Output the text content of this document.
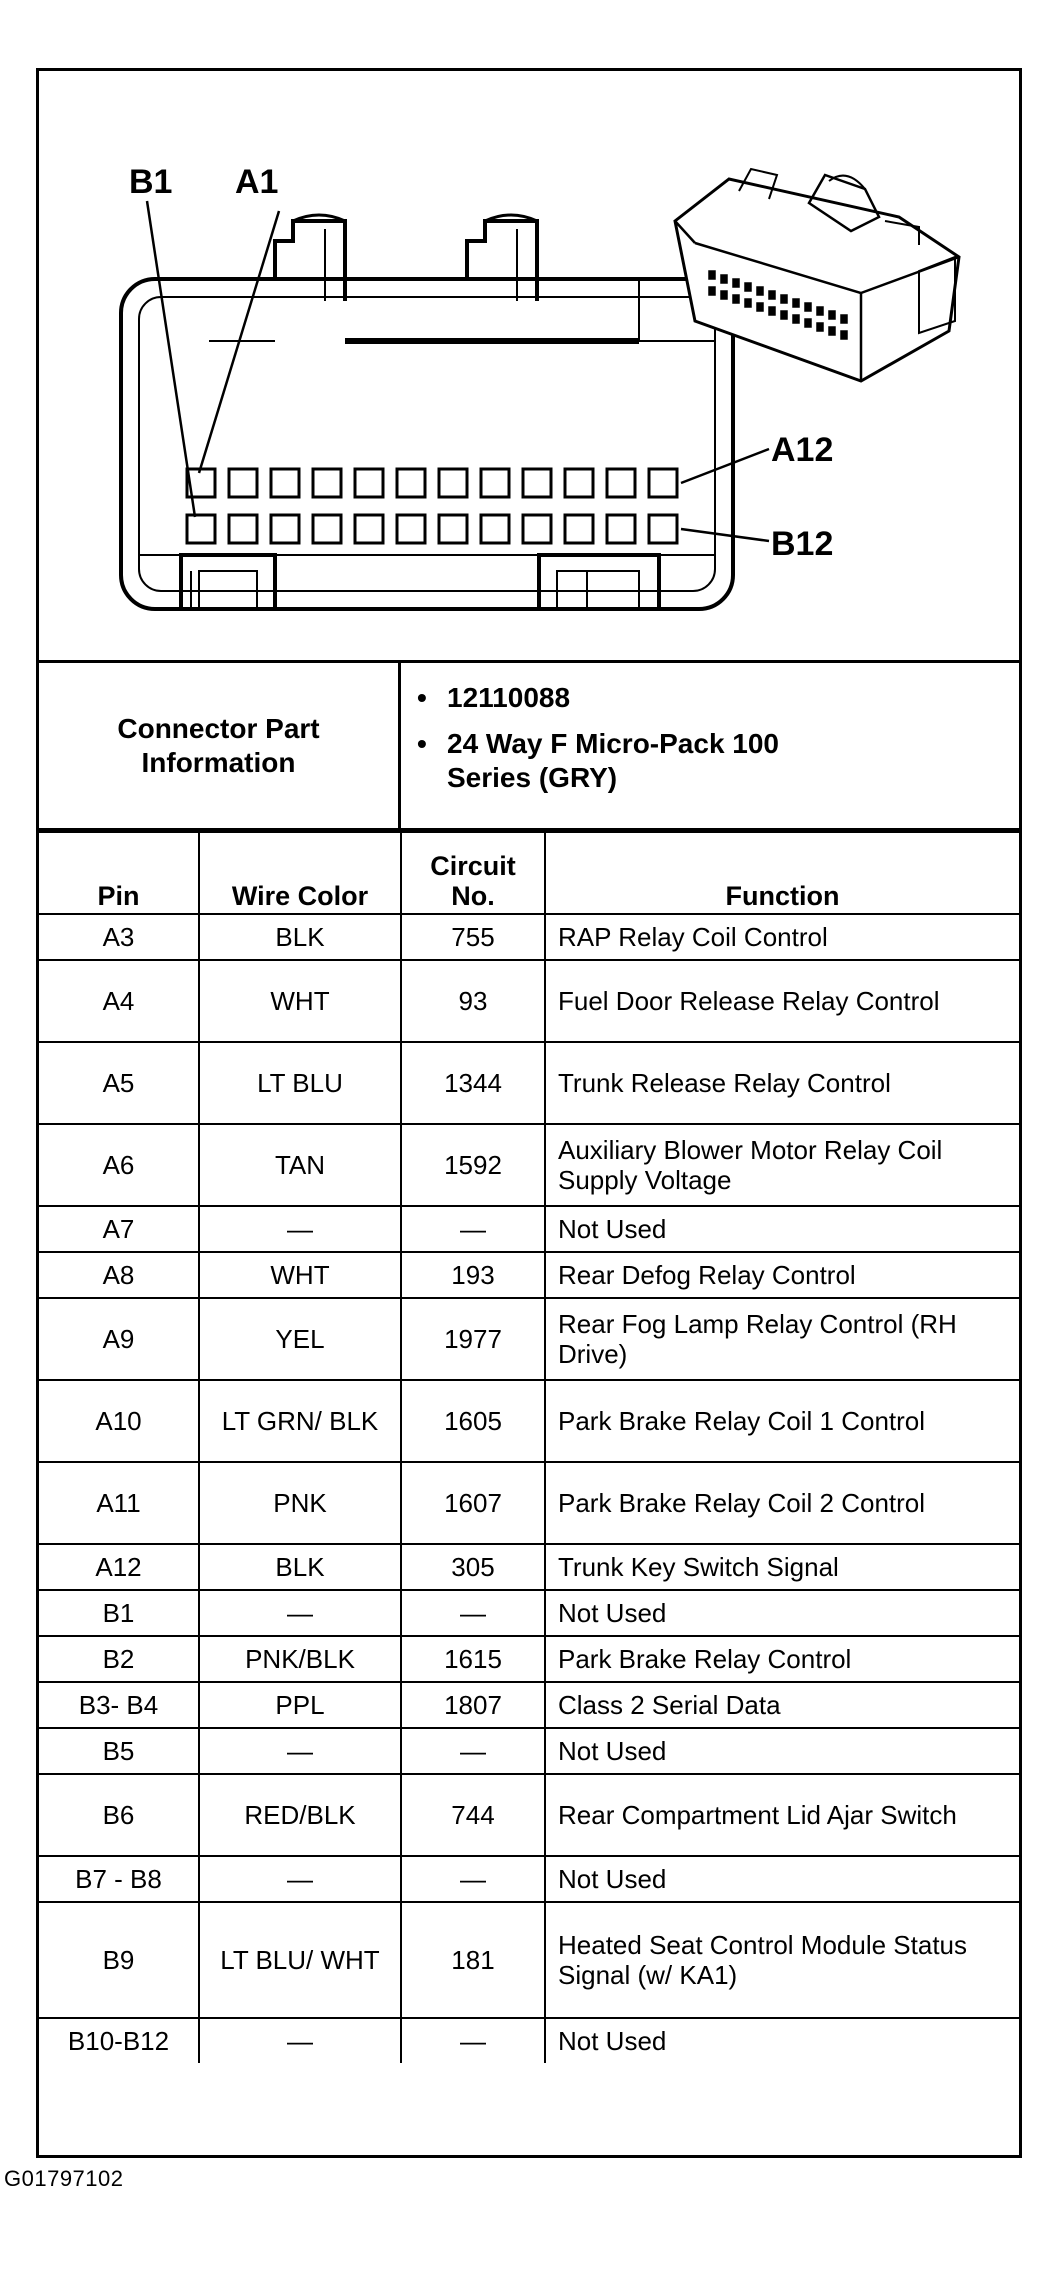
B1 A1
A12
B12
Connector Part Information
• 12110088
• 24 Way F Micro-Pack 100 Series (GRY)
Pin	Wire Color	Circuit No.	Function
A3	BLK	755	RAP Relay Coil Control
A4	WHT	93	Fuel Door Release Relay Control
A5	LT BLU	1344	Trunk Release Relay Control
A6	TAN	1592	Auxiliary Blower Motor Relay Coil Supply Voltage
A7	—	—	Not Used
A8	WHT	193	Rear Defog Relay Control
A9	YEL	1977	Rear Fog Lamp Relay Control (RH Drive)
A10	LT GRN/ BLK	1605	Park Brake Relay Coil 1 Control
A11	PNK	1607	Park Brake Relay Coil 2 Control
A12	BLK	305	Trunk Key Switch Signal
B1	—	—	Not Used
B2	PNK/BLK	1615	Park Brake Relay Control
B3- B4	PPL	1807	Class 2 Serial Data
B5	—	—	Not Used
B6	RED/BLK	744	Rear Compartment Lid Ajar Switch
B7 - B8	—	—	Not Used
B9	LT BLU/ WHT	181	Heated Seat Control Module Status Signal (w/ KA1)
B10-B12	—	—	Not Used
G01797102
